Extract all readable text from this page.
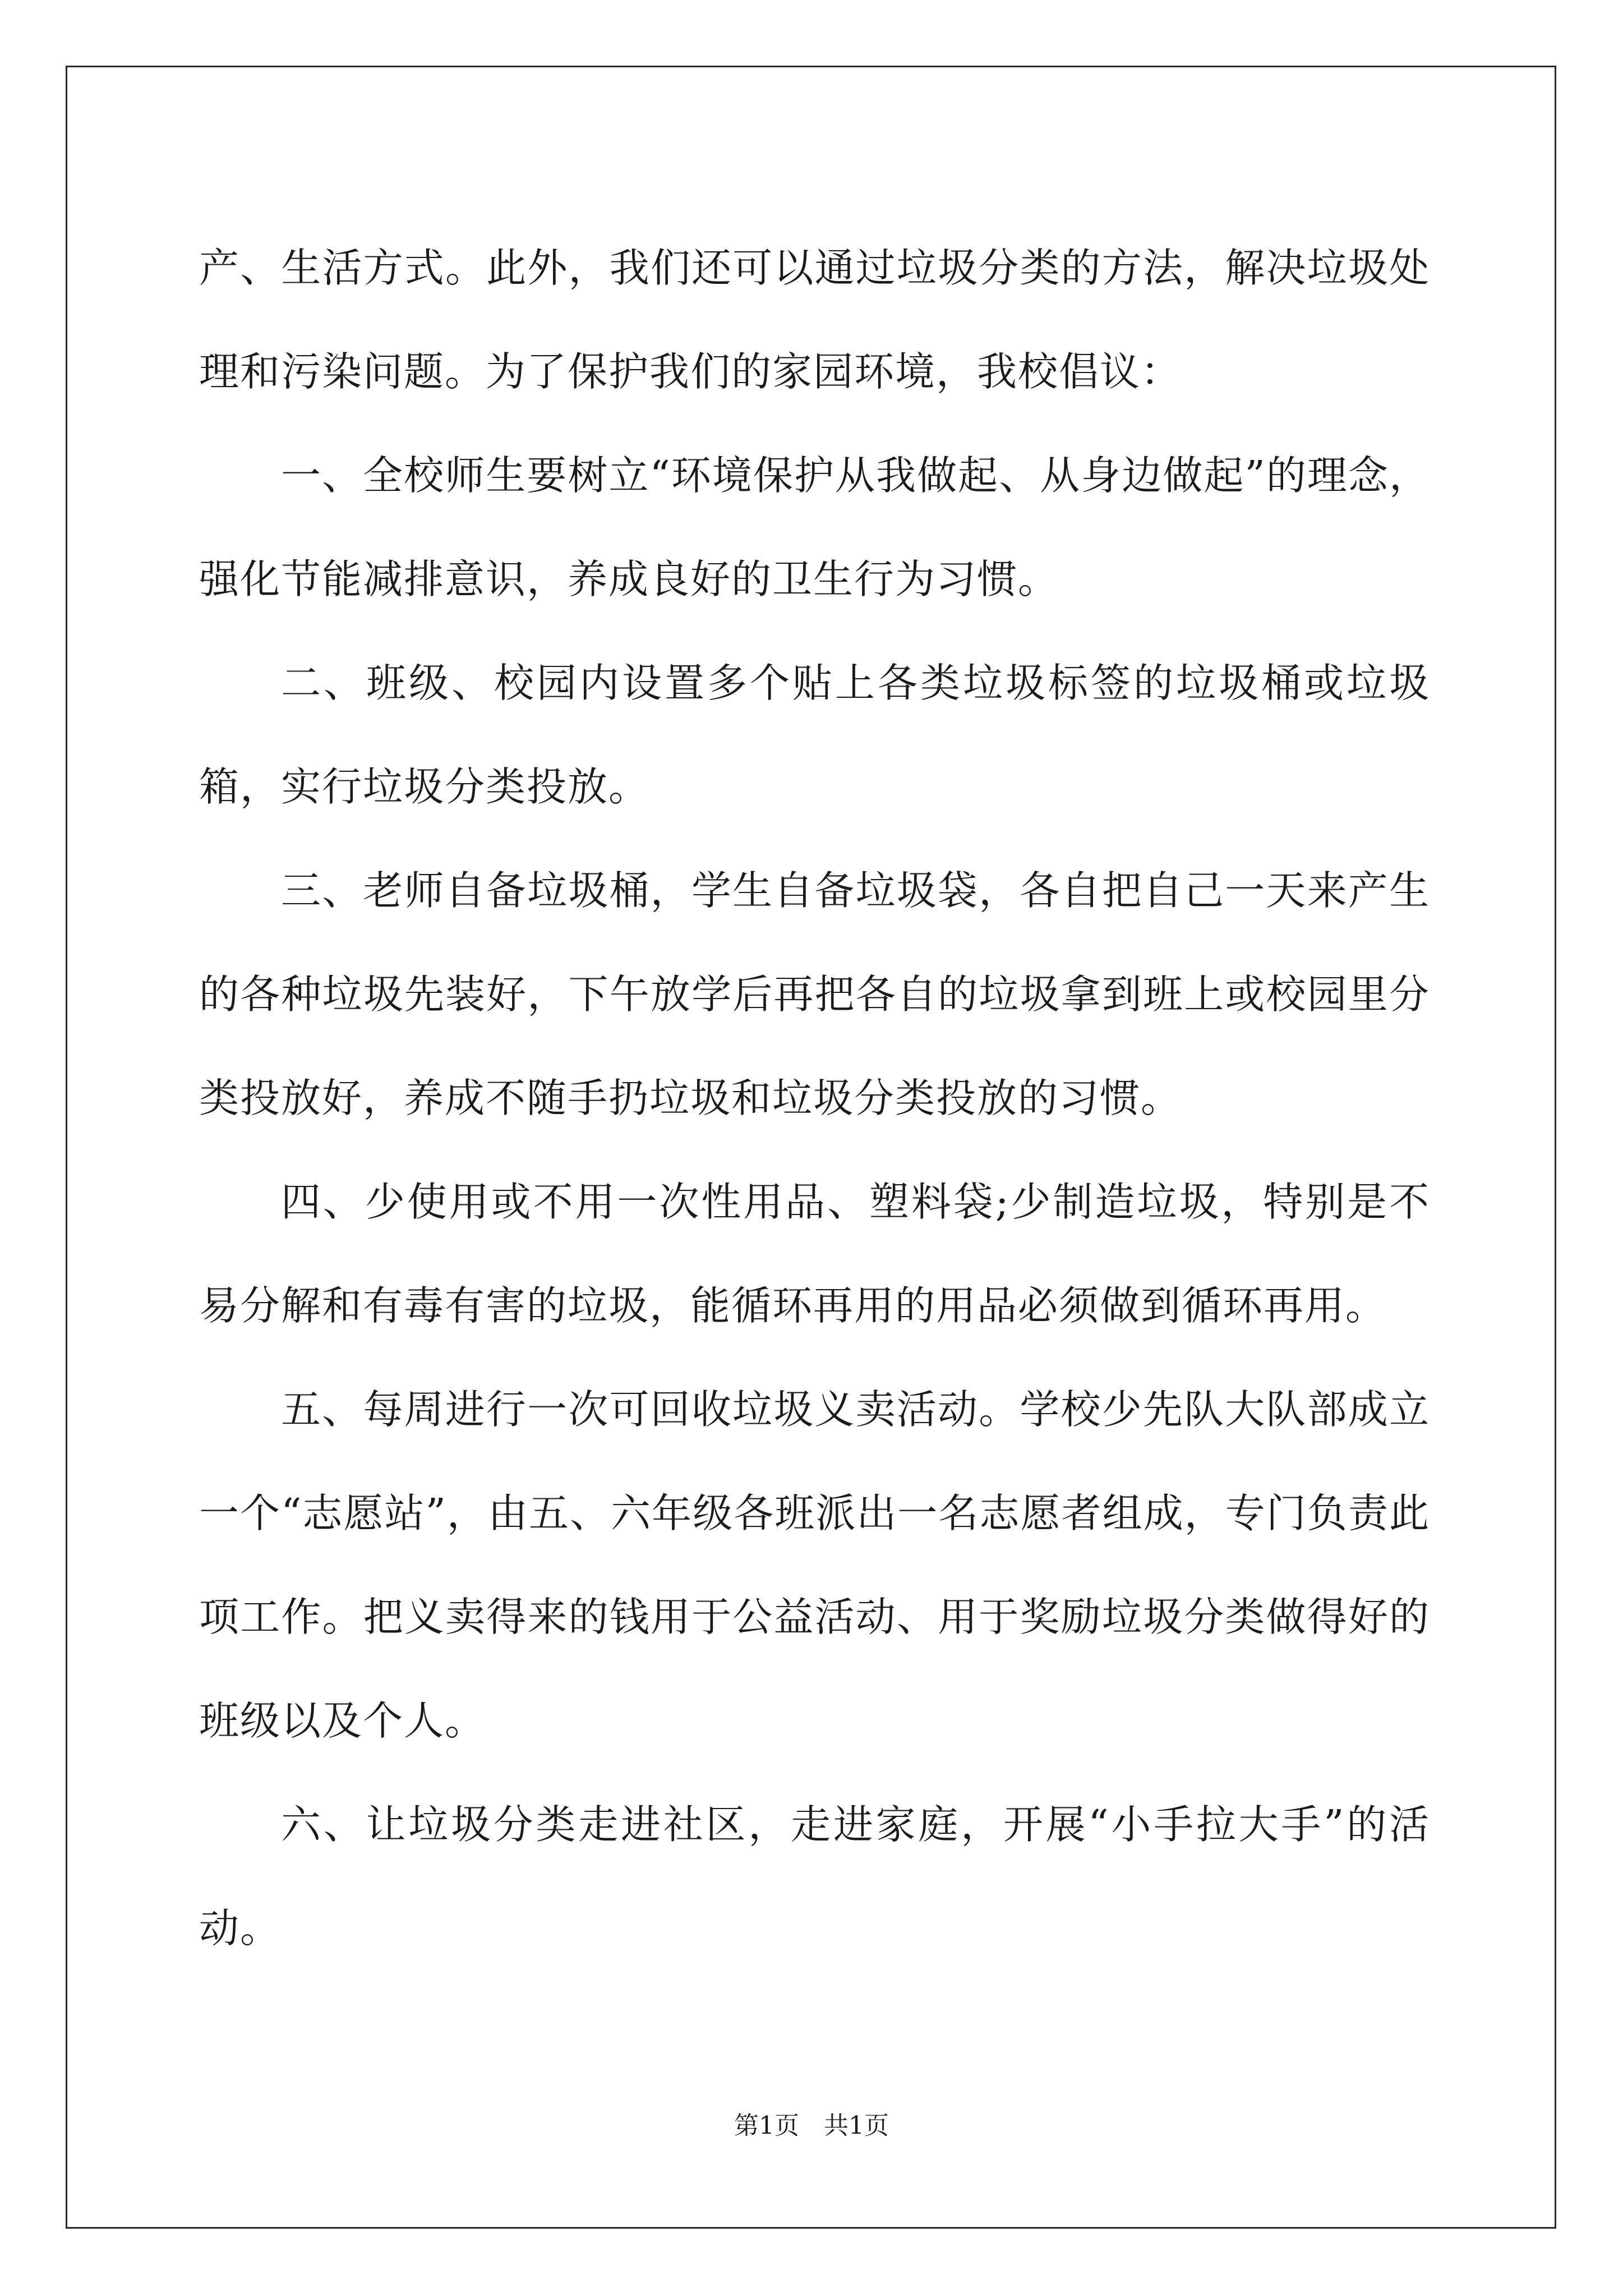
产、生活方式。此外，我们还可以通过垃圾分类的方法，解决垃圾处理和污染问题。为了保护我们的家园环境，我校倡议：

一、全校师生要树立“环境保护从我做起、从身边做起”的理念，强化节能减排意识，养成良好的卫生行为习惯。

二、班级、校园内设置多个贴上各类垃圾标签的垃圾桶或垃圾箱，实行垃圾分类投放。

三、老师自备垃圾桶，学生自备垃圾袋，各自把自己一天来产生的各种垃圾先装好，下午放学后再把各自的垃圾拿到班上或校园里分类投放好，养成不随手扔垃圾和垃圾分类投放的习惯。

四、少使用或不用一次性用品、塑料袋;少制造垃圾，特别是不易分解和有毒有害的垃圾，能循环再用的用品必须做到循环再用。

五、每周进行一次可回收垃圾义卖活动。学校少先队大队部成立一个“志愿站”，由五、六年级各班派出一名志愿者组成，专门负责此项工作。把义卖得来的钱用于公益活动、用于奖励垃圾分类做得好的班级以及个人。

六、让垃圾分类走进社区，走进家庭，开展“小手拉大手”的活动。

第1页　共1页
